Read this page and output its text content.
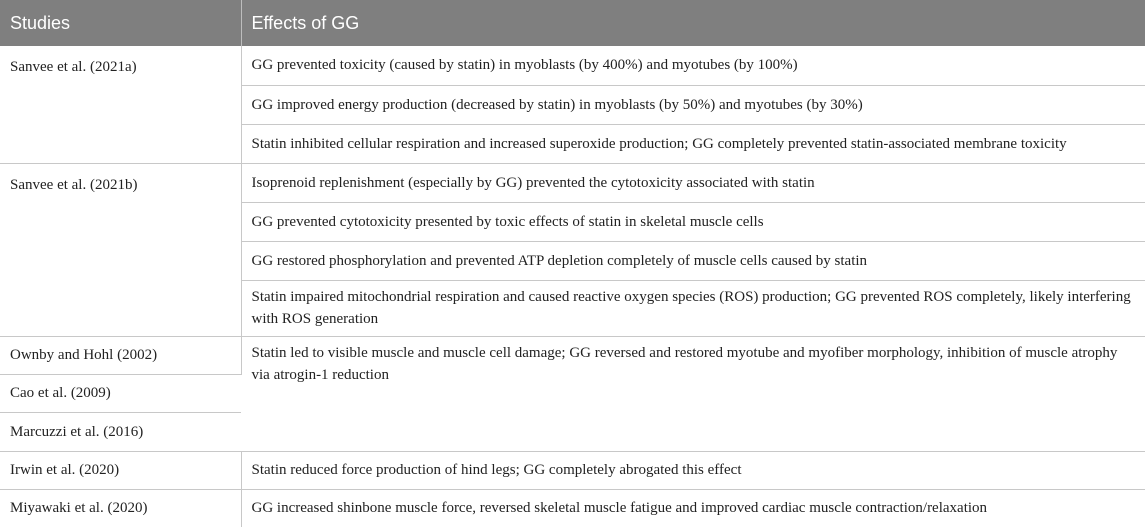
Studies	Effects of GG
Sanvee et al. (2021a)	GG prevented toxicity (caused by statin) in myoblasts (by 400%) and myotubes (by 100%)
	GG improved energy production (decreased by statin) in myoblasts (by 50%) and myotubes (by 30%)
	Statin inhibited cellular respiration and increased superoxide production; GG completely prevented statin-associated membrane toxicity
Sanvee et al. (2021b)	Isoprenoid replenishment (especially by GG) prevented the cytotoxicity associated with statin
	GG prevented cytotoxicity presented by toxic effects of statin in skeletal muscle cells
	GG restored phosphorylation and prevented ATP depletion completely of muscle cells caused by statin
	Statin impaired mitochondrial respiration and caused reactive oxygen species (ROS) production; GG prevented ROS completely, likely interfering with ROS generation
Ownby and Hohl (2002)	Statin led to visible muscle and muscle cell damage; GG reversed and restored myotube and myofiber morphology, inhibition of muscle atrophy via atrogin-1 reduction
Cao et al. (2009)	
Marcuzzi et al. (2016)	
Irwin et al. (2020)	Statin reduced force production of hind legs; GG completely abrogated this effect
Miyawaki et al. (2020)	GG increased shinbone muscle force, reversed skeletal muscle fatigue and improved cardiac muscle contraction/relaxation
